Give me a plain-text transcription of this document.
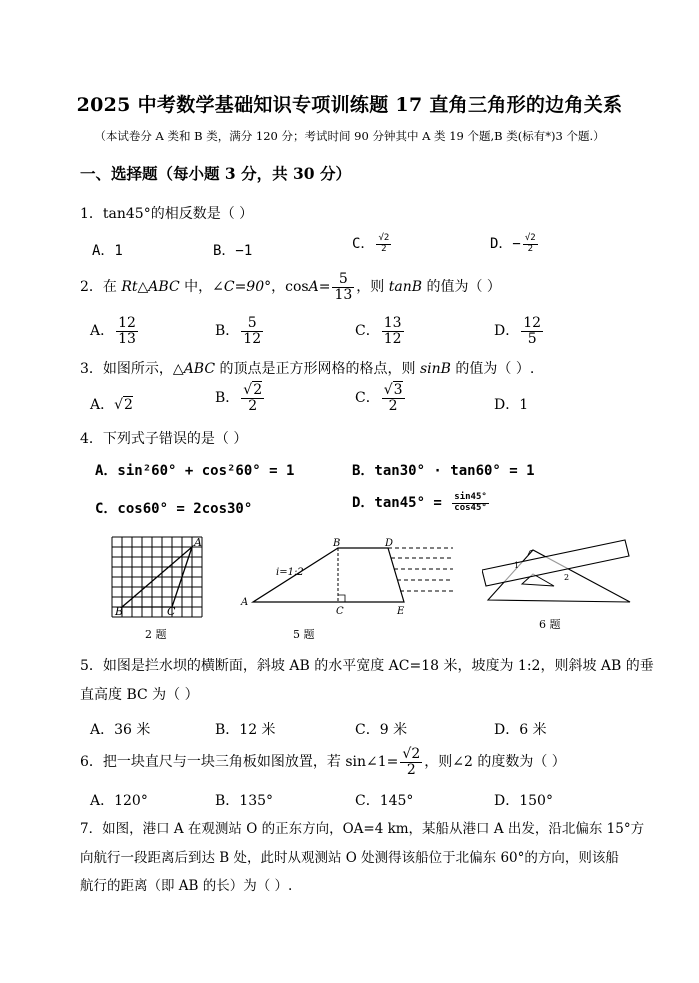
2025 中考数学基础知识专项训练题 17 直角三角形的边角关系
（本试卷分 A 类和 B 类，满分 120 分；考试时间 90 分钟其中 A 类 19 个题,B 类(标有*)3 个题.）
一、选择题（每小题 3 分，共 30 分）
1．tan45°的相反数是（ ）
A．1	B．−1	C． $\frac{√2}{2}$	D．− $\frac{√2}{2}$
2．在 Rt△ABC 中，∠C=90°，$\cos A= \frac{5}{13}$ ，则 tanB 的值为（ ）
A． $\frac{12}{13}$	B． $\frac{5}{12}$	C． $\frac{13}{12}$	D． $\frac{12}{5}$
3．如图所示，△ABC 的顶点是正方形网格的格点，则 sinB 的值为（ ）.
A．√2	B． $\frac{√2}{2}$	C． $\frac{√3}{2}$	D．1
4．下列式子错误的是（ ）
A．sin²60° + cos²60° = 1	B．tan30° · tan60° = 1
C．cos60° = 2cos30°	D．$\tan 45^\circ = \frac{\sin 45^\circ}{\cos 45^\circ}$
A
B	C
2 题
A
B
C
D
E
i=1:2
5 题
1
2
6 题
5．如图是拦水坝的横断面，斜坡 AB 的水平宽度 AC=18 米，坡度为 1:2，则斜坡 AB 的垂
直高度 BC 为（ ）
A．36 米	B．12 米	C．9 米	D．6 米
6．把一块直尺与一块三角板如图放置，若 sin∠1= $\frac{√2}{2}$ ，则∠2 的度数为（ ）
A．120°	B．135°	C．145°	D．150°
7．如图，港口 A 在观测站 O 的正东方向，OA=4 km，某船从港口 A 出发，沿北偏东 15°方
向航行一段距离后到达 B 处，此时从观测站 O 处测得该船位于北偏东 60°的方向，则该船
航行的距离（即 AB 的长）为（ ）.
